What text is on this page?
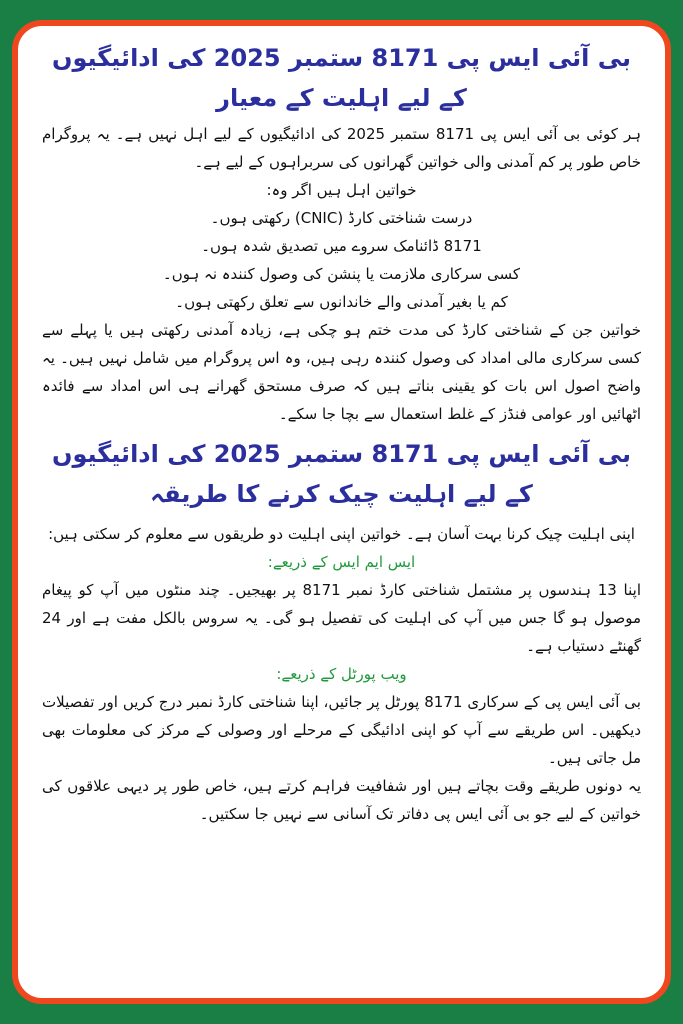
بی آئی ایس پی 8171 ستمبر 2025 کی ادائیگیوں کے لیے اہلیت کے معیار

ہر کوئی بی آئی ایس پی 8171 ستمبر 2025 کی ادائیگیوں کے لیے اہل نہیں ہے۔ یہ پروگرام خاص طور پر کم آمدنی والی خواتین گھرانوں کی سربراہوں کے لیے ہے۔

خواتین اہل ہیں اگر وہ:

درست شناختی کارڈ (CNIC) رکھتی ہوں۔

8171 ڈائنامک سروے میں تصدیق شدہ ہوں۔

کسی سرکاری ملازمت یا پنشن کی وصول کنندہ نہ ہوں۔

کم یا بغیر آمدنی والے خاندانوں سے تعلق رکھتی ہوں۔

خواتین جن کے شناختی کارڈ کی مدت ختم ہو چکی ہے، زیادہ آمدنی رکھتی ہیں یا پہلے سے کسی سرکاری مالی امداد کی وصول کنندہ رہی ہیں، وہ اس پروگرام میں شامل نہیں ہیں۔ یہ واضح اصول اس بات کو یقینی بناتے ہیں کہ صرف مستحق گھرانے ہی اس امداد سے فائدہ اٹھائیں اور عوامی فنڈز کے غلط استعمال سے بچا جا سکے۔

بی آئی ایس پی 8171 ستمبر 2025 کی ادائیگیوں کے لیے اہلیت چیک کرنے کا طریقہ

اپنی اہلیت چیک کرنا بہت آسان ہے۔ خواتین اپنی اہلیت دو طریقوں سے معلوم کر سکتی ہیں:

ایس ایم ایس کے ذریعے:

اپنا 13 ہندسوں پر مشتمل شناختی کارڈ نمبر 8171 پر بھیجیں۔ چند منٹوں میں آپ کو پیغام موصول ہو گا جس میں آپ کی اہلیت کی تفصیل ہو گی۔ یہ سروس بالکل مفت ہے اور 24 گھنٹے دستیاب ہے۔

ویب پورٹل کے ذریعے:

بی آئی ایس پی کے سرکاری 8171 پورٹل پر جائیں، اپنا شناختی کارڈ نمبر درج کریں اور تفصیلات دیکھیں۔ اس طریقے سے آپ کو اپنی ادائیگی کے مرحلے اور وصولی کے مرکز کی معلومات بھی مل جاتی ہیں۔

یہ دونوں طریقے وقت بچاتے ہیں اور شفافیت فراہم کرتے ہیں، خاص طور پر دیہی علاقوں کی خواتین کے لیے جو بی آئی ایس پی دفاتر تک آسانی سے نہیں جا سکتیں۔
